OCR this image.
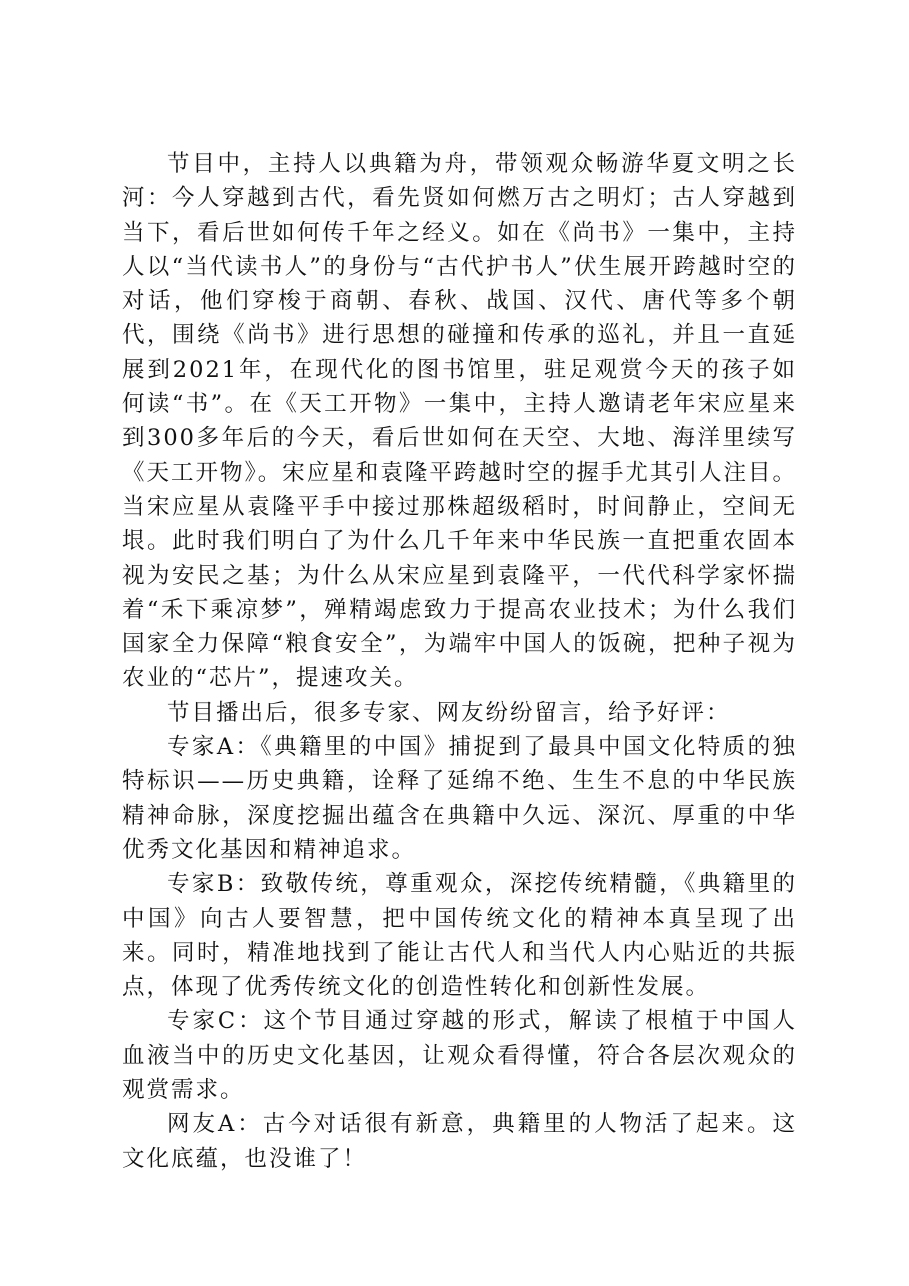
节目中，主持人以典籍为舟，带领观众畅游华夏文明之长河：今人穿越到古代，看先贤如何燃万古之明灯；古人穿越到当下，看后世如何传千年之经义。如在《尚书》一集中，主持人以“当代读书人”的身份与“古代护书人”伏生展开跨越时空的对话，他们穿梭于商朝、春秋、战国、汉代、唐代等多个朝代，围绕《尚书》进行思想的碰撞和传承的巡礼，并且一直延展到2021年，在现代化的图书馆里，驻足观赏今天的孩子如何读“书”。在《天工开物》一集中，主持人邀请老年宋应星来到300多年后的今天，看后世如何在天空、大地、海洋里续写《天工开物》。宋应星和袁隆平跨越时空的握手尤其引人注目。当宋应星从袁隆平手中接过那株超级稻时，时间静止，空间无垠。此时我们明白了为什么几千年来中华民族一直把重农固本视为安民之基；为什么从宋应星到袁隆平，一代代科学家怀揣着“禾下乘凉梦”，殚精竭虑致力于提高农业技术；为什么我们国家全力保障“粮食安全”，为端牢中国人的饭碗，把种子视为农业的“芯片”，提速攻关。

节目播出后，很多专家、网友纷纷留言，给予好评：

专家A：《典籍里的中国》捕捉到了最具中国文化特质的独特标识——历史典籍，诠释了延绵不绝、生生不息的中华民族精神命脉，深度挖掘出蕴含在典籍中久远、深沉、厚重的中华优秀文化基因和精神追求。

专家B：致敬传统，尊重观众，深挖传统精髓，《典籍里的中国》向古人要智慧，把中国传统文化的精神本真呈现了出来。同时，精准地找到了能让古代人和当代人内心贴近的共振点，体现了优秀传统文化的创造性转化和创新性发展。

专家C：这个节目通过穿越的形式，解读了根植于中国人血液当中的历史文化基因，让观众看得懂，符合各层次观众的观赏需求。

网友A：古今对话很有新意，典籍里的人物活了起来。这文化底蕴，也没谁了！
